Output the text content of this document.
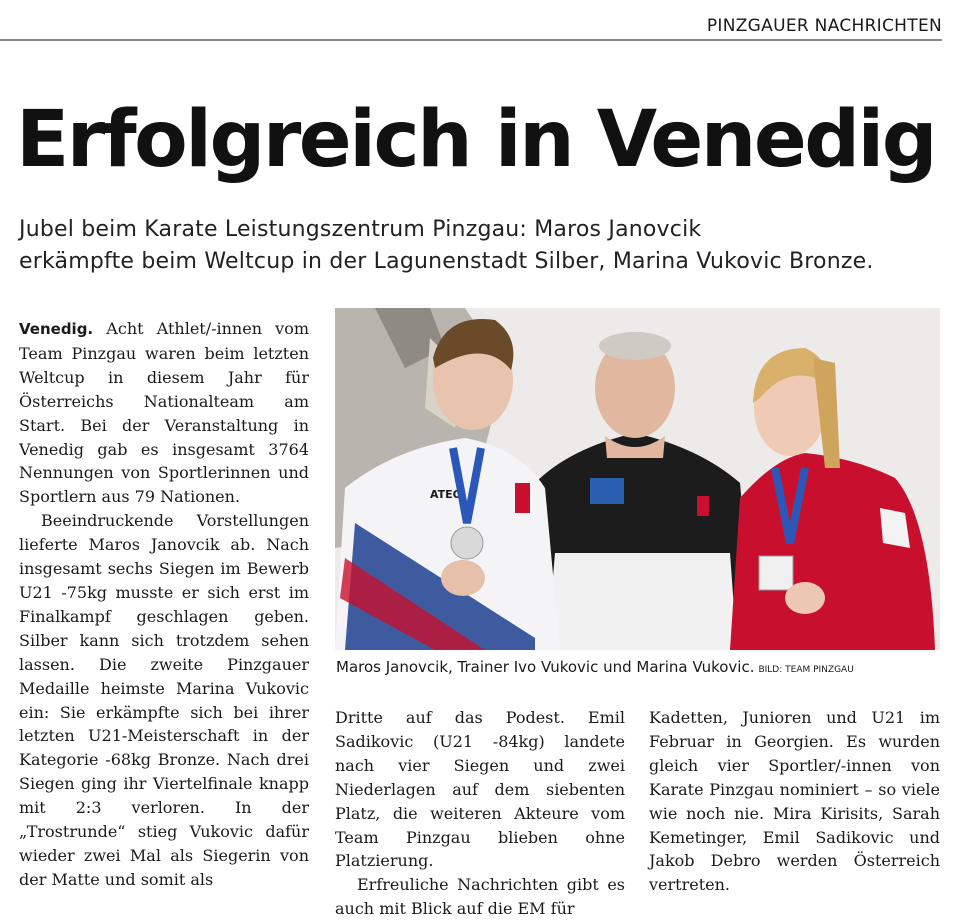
PINZGAUER NACHRICHTEN
Erfolgreich in Venedig
Jubel beim Karate Leistungszentrum Pinzgau: Maros Janovcik
erkämpfte beim Weltcup in der Lagunenstadt Silber, Marina Vukovic Bronze.

Venedig. Acht Athlet/-innen vom Team Pinzgau waren beim letzten Weltcup in diesem Jahr für Österreichs Nationalteam am Start. Bei der Veranstaltung in Venedig gab es insgesamt 3764 Nennungen von Sportlerinnen und Sportlern aus 79 Nationen.

Beeindruckende Vorstellungen lieferte Maros Janovcik ab. Nach insgesamt sechs Siegen im Bewerb U21 -75kg musste er sich erst im Finalkampf geschlagen geben. Silber kann sich trotzdem sehen lassen. Die zweite Pinzgauer Medaille heimste Marina Vukovic ein: Sie erkämpfte sich bei ihrer letzten U21-Meisterschaft in der Kategorie -68kg Bronze. Nach drei Siegen ging ihr Viertelfinale knapp mit 2:3 verloren. In der „Trostrunde“ stieg Vukovic dafür wieder zwei Mal als Siegerin von der Matte und somit als

ATEO
Maros Janovcik, Trainer Ivo Vukovic und Marina Vukovic. BILD: TEAM PINZGAU

Dritte auf das Podest. Emil Sadikovic (U21 -84kg) landete nach vier Siegen und zwei Niederlagen auf dem siebenten Platz, die weiteren Akteure vom Team Pinzgau blieben ohne Platzierung.

Erfreuliche Nachrichten gibt es auch mit Blick auf die EM für

Kadetten, Junioren und U21 im Februar in Georgien. Es wurden gleich vier Sportler/-innen von Karate Pinzgau nominiert – so viele wie noch nie. Mira Kirisits, Sarah Kemetinger, Emil Sadikovic und Jakob Debro werden Österreich vertreten.
